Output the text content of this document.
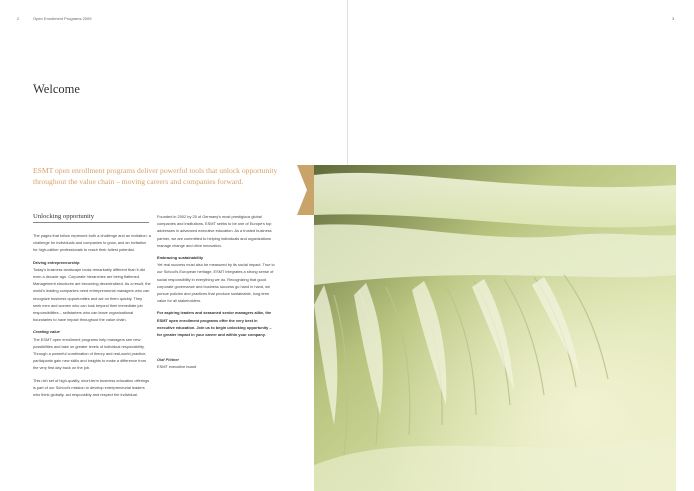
2	Open Enrollment Programs 2009	3
Welcome
ESMT open enrollment programs deliver powerful tools that unlock opportunity throughout the value chain – moving careers and companies forward.
Unlocking opportunity

The pages that follow represent both a challenge and an invitation: a challenge for individuals and companies to grow, and an invitation for high-caliber professionals to reach their fullest potential.

Driving entrepreneurship

Today's business landscape looks remarkably different than it did even a decade ago. Corporate hierarchies are being flattened. Management structures are becoming decentralized. As a result, the world's leading companies need entrepreneurial managers who can recognize business opportunities and act on them quickly. They seek men and women who can look beyond their immediate job responsibilities – selfstarters who can leave organizational boundaries to have impact throughout the value chain.

Creating value

The ESMT open enrollment programs help managers see new possibilities and take on greater levels of individual responsibility. Through a powerful combination of theory and real-world practice, participants gain new skills and insights to make a difference from the very first day back on the job.

This rich set of high-quality, short-term business education offerings is part of our School's mission to develop entrepreneurial leaders who think globally, act responsibly and respect the individual.

Founded in 2002 by 25 of Germany's most prestigious global companies and institutions, ESMT seeks to be one of Europe's top addresses in advanced executive education. As a trusted business partner, we are committed to helping individuals and organizations manage change and drive innovation.

Embracing sustainability

Yet real success must also be measured by its social impact. True to our School's European heritage, ESMT integrates a strong sense of social responsibility in everything we do. Recognizing that good corporate governance and business success go hand in hand, we pursue policies and practices that produce sustainable, long-term value for all stakeholders.

For aspiring leaders and seasoned senior managers alike, the ESMT open enrollment programs offer the very best in executive education. Join us to begin unlocking opportunity – for greater impact in your career and within your company.

Olaf Plötner

ESMT executive board
